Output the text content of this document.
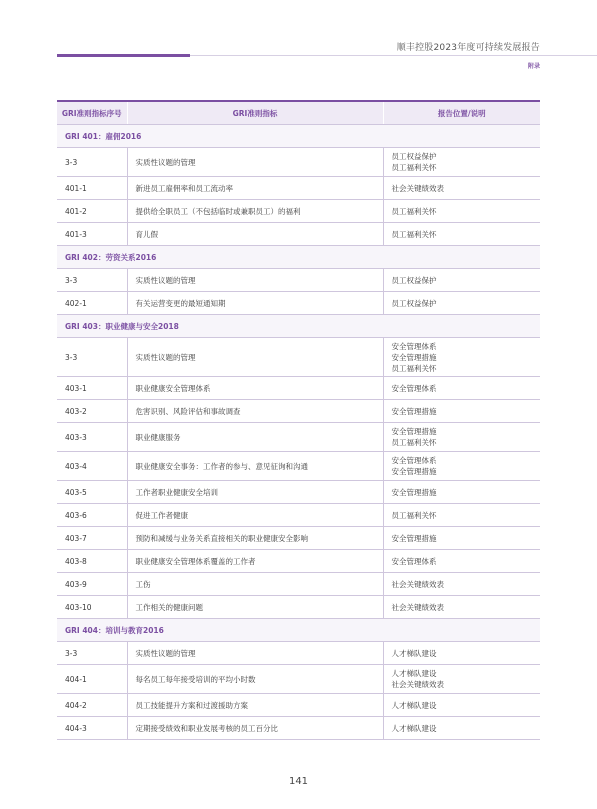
顺丰控股2023年度可持续发展报告
附录
GRI准则指标序号	GRI准则指标	报告位置/说明
GRI 401：雇佣2016		
3-3	实质性议题的管理	员工权益保护
员工福利关怀

401-1	新进员工雇佣率和员工流动率	社会关键绩效表

401-2	提供给全职员工（不包括临时或兼职员工）的福利	员工福利关怀

401-3	育儿假	员工福利关怀

GRI 402：劳资关系2016		
3-3	实质性议题的管理	员工权益保护

402-1	有关运营变更的最短通知期	员工权益保护

GRI 403：职业健康与安全2018		
3-3	实质性议题的管理	安全管理体系
安全管理措施
员工福利关怀

403-1	职业健康安全管理体系	安全管理体系

403-2	危害识别、风险评估和事故调查	安全管理措施

403-3	职业健康服务	安全管理措施
员工福利关怀

403-4	职业健康安全事务：工作者的参与、意见征询和沟通	安全管理体系
安全管理措施

403-5	工作者职业健康安全培训	安全管理措施

403-6	促进工作者健康	员工福利关怀

403-7	预防和减缓与业务关系直接相关的职业健康安全影响	安全管理措施

403-8	职业健康安全管理体系覆盖的工作者	安全管理体系

403-9	工伤	社会关键绩效表

403-10	工作相关的健康问题	社会关键绩效表

GRI 404：培训与教育2016		
3-3	实质性议题的管理	人才梯队建设

404-1	每名员工每年接受培训的平均小时数	人才梯队建设
社会关键绩效表

404-2	员工技能提升方案和过渡援助方案	人才梯队建设

404-3	定期接受绩效和职业发展考核的员工百分比	人才梯队建设
141
